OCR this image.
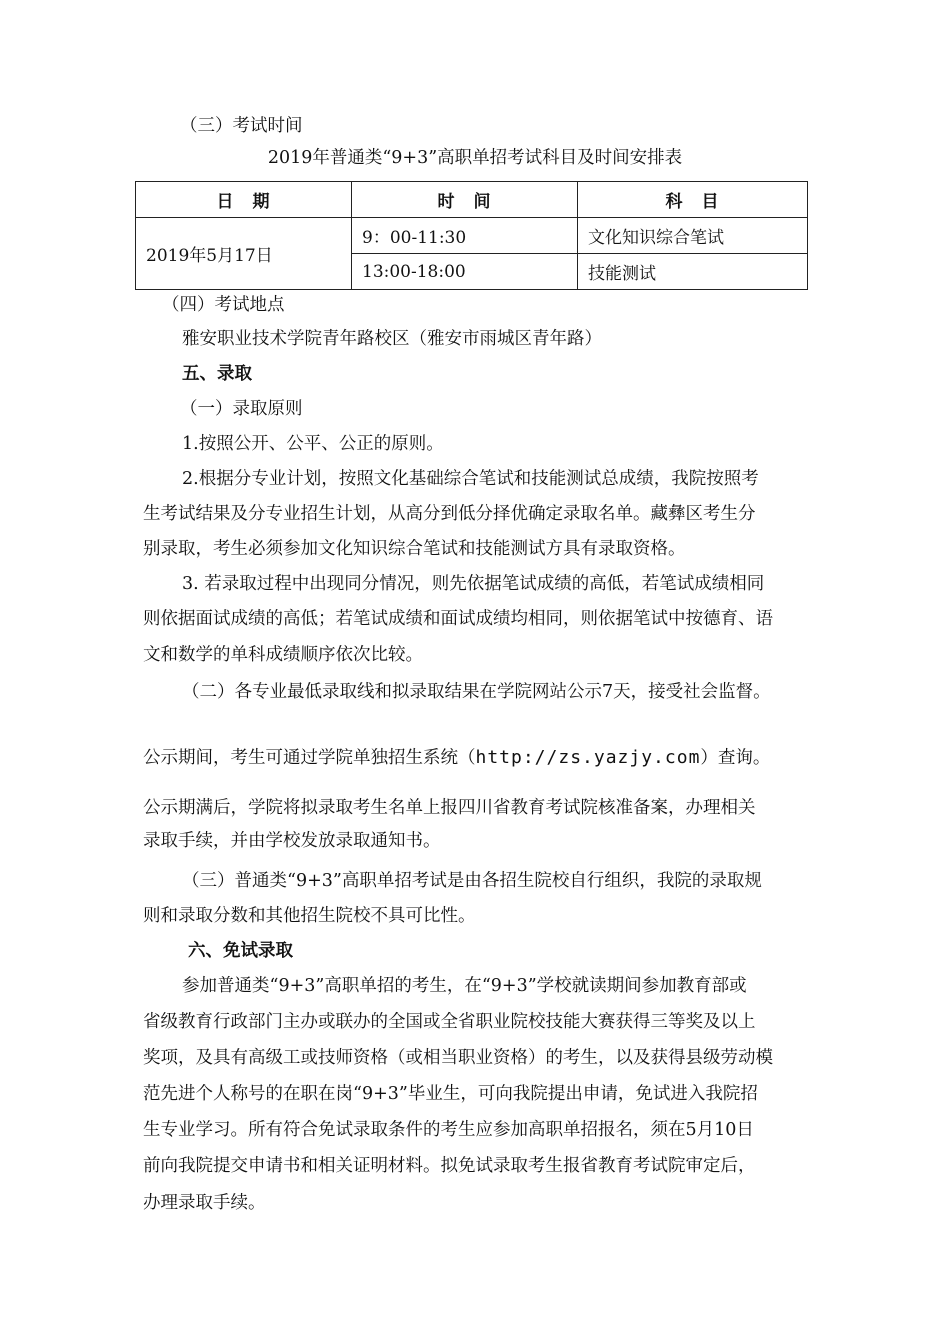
（三）考试时间
2019年普通类“9+3”高职单招考试科目及时间安排表
日　期	时　间	科　目
2019年5月17日	9：00-11:30	文化知识综合笔试
	13:00-18:00	技能测试
（四）考试地点
雅安职业技术学院青年路校区（雅安市雨城区青年路）
五、录取
（一）录取原则
1.按照公开、公平、公正的原则。
2.根据分专业计划，按照文化基础综合笔试和技能测试总成绩，我院按照考
生考试结果及分专业招生计划，从高分到低分择优确定录取名单。藏彝区考生分
别录取，考生必须参加文化知识综合笔试和技能测试方具有录取资格。
3. 若录取过程中出现同分情况，则先依据笔试成绩的高低，若笔试成绩相同
则依据面试成绩的高低；若笔试成绩和面试成绩均相同，则依据笔试中按德育、语
文和数学的单科成绩顺序依次比较。
（二）各专业最低录取线和拟录取结果在学院网站公示7天，接受社会监督。
公示期间，考生可通过学院单独招生系统（http://zs.yazjy.com）查询。
公示期满后，学院将拟录取考生名单上报四川省教育考试院核准备案，办理相关
录取手续，并由学校发放录取通知书。
（三）普通类“9+3”高职单招考试是由各招生院校自行组织，我院的录取规
则和录取分数和其他招生院校不具可比性。
六、免试录取
参加普通类“9+3”高职单招的考生，在“9+3”学校就读期间参加教育部或
省级教育行政部门主办或联办的全国或全省职业院校技能大赛获得三等奖及以上
奖项，及具有高级工或技师资格（或相当职业资格）的考生，以及获得县级劳动模
范先进个人称号的在职在岗“9+3”毕业生，可向我院提出申请，免试进入我院招
生专业学习。所有符合免试录取条件的考生应参加高职单招报名，须在5月10日
前向我院提交申请书和相关证明材料。拟免试录取考生报省教育考试院审定后，
办理录取手续。
